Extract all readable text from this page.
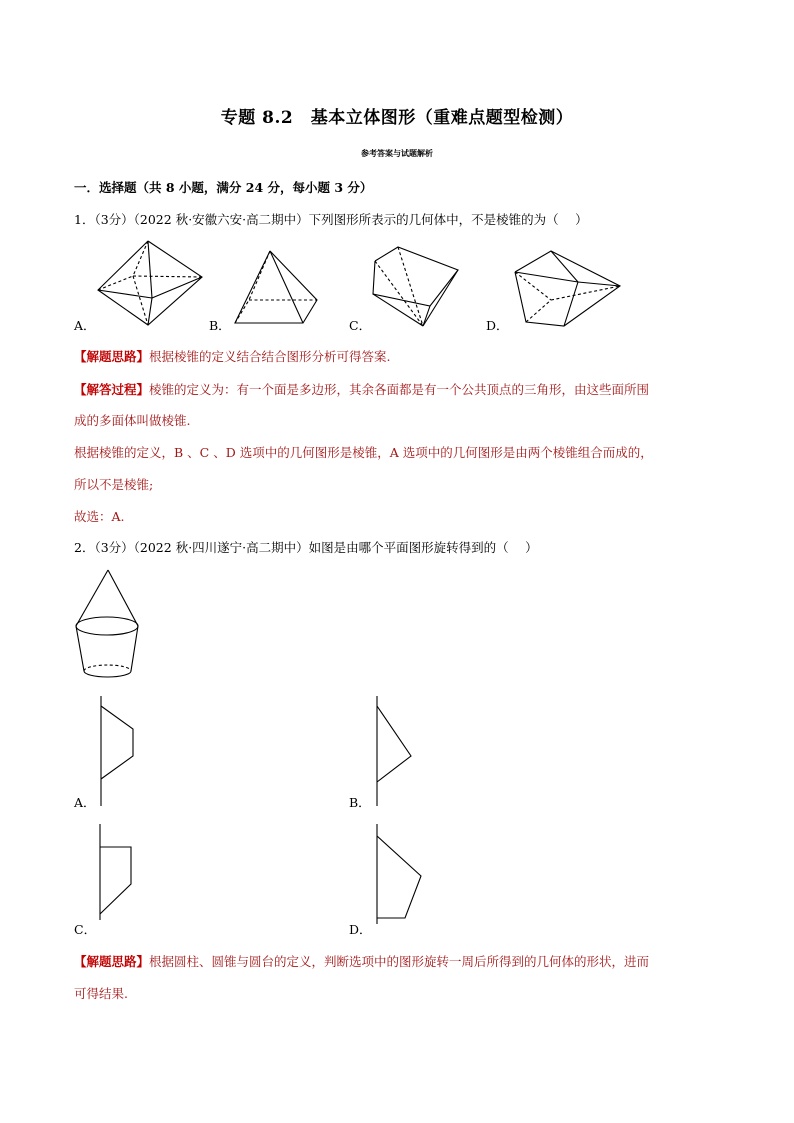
专题 8.2　基本立体图形（重难点题型检测）
参考答案与试题解析
一．选择题（共 8 小题，满分 24 分，每小题 3 分）
1．（3分）（2022 秋·安徽六安·高二期中）下列图形所表示的几何体中，不是棱锥的为（　 ）
A．	B．	C．	D．
【解题思路】根据棱锥的定义结合结合图形分析可得答案.
【解答过程】棱锥的定义为：有一个面是多边形，其余各面都是有一个公共顶点的三角形，由这些面所围
成的多面体叫做棱锥.
根据棱锥的定义，B 、C 、D 选项中的几何图形是棱锥，A 选项中的几何图形是由两个棱锥组合而成的，
所以不是棱锥;
故选：A.
2．（3分）（2022 秋·四川遂宁·高二期中）如图是由哪个平面图形旋转得到的（　 ）
A．	B．
C．	D．
【解题思路】根据圆柱、圆锥与圆台的定义，判断选项中的图形旋转一周后所得到的几何体的形状，进而
可得结果.
